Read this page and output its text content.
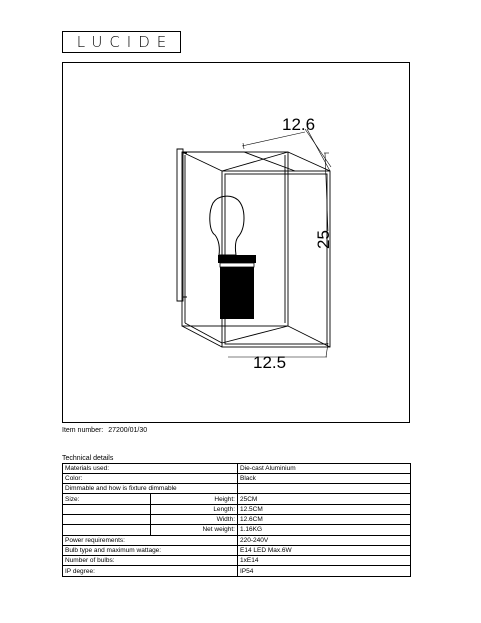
LUCIDE
12.6
25
12.5
Item number: 27200/01/30
Technical details
Materials used:		Die-cast Aluminium
Color:		Black
Dimmable and how is fixture dimmable		
Size:	Height:	25CM
	Length:	12.5CM
	Width:	12.6CM
	Net weight:	1.16KG
Power requirements:		220-240V
Bulb type and maximum wattage:		E14 LED Max.6W
Number of bulbs:		1xE14
IP degree:		IP54
